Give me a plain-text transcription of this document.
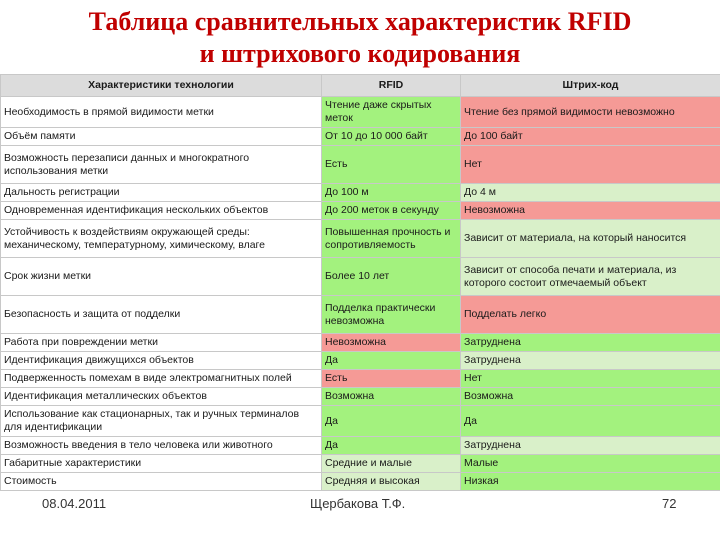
Таблица сравнительных характеристик RFID
и штрихового кодирования
Характеристики технологии	RFID	Штрих-код
Необходимость в прямой видимости метки	Чтение даже скрытых меток	Чтение без прямой видимости невозможно
Объём памяти	От 10 до 10 000 байт	До 100 байт
Возможность перезаписи данных и многократного использования метки	Есть	Нет
Дальность регистрации	До 100 м	До 4 м
Одновременная идентификация нескольких объектов	До 200 меток в секунду	Невозможна
Устойчивость к воздействиям окружающей среды: механическому, температурному, химическому, влаге	Повышенная прочность и сопротивляемость	Зависит от материала, на который наносится
Срок жизни метки	Более 10 лет	Зависит от способа печати и материала, из которого состоит отмечаемый объект
Безопасность и защита от подделки	Подделка практически невозможна	Подделать легко
Работа при повреждении метки	Невозможна	Затруднена
Идентификация движущихся объектов	Да	Затруднена
Подверженность помехам в виде электромагнитных полей	Есть	Нет
Идентификация металлических объектов	Возможна	Возможна
Использование как стационарных, так и ручных терминалов для идентификации	Да	Да
Возможность введения в тело человека или животного	Да	Затруднена
Габаритные характеристики	Средние и малые	Малые
Стоимость	Средняя и высокая	Низкая
08.04.2011	Щербакова Т.Ф.	72
